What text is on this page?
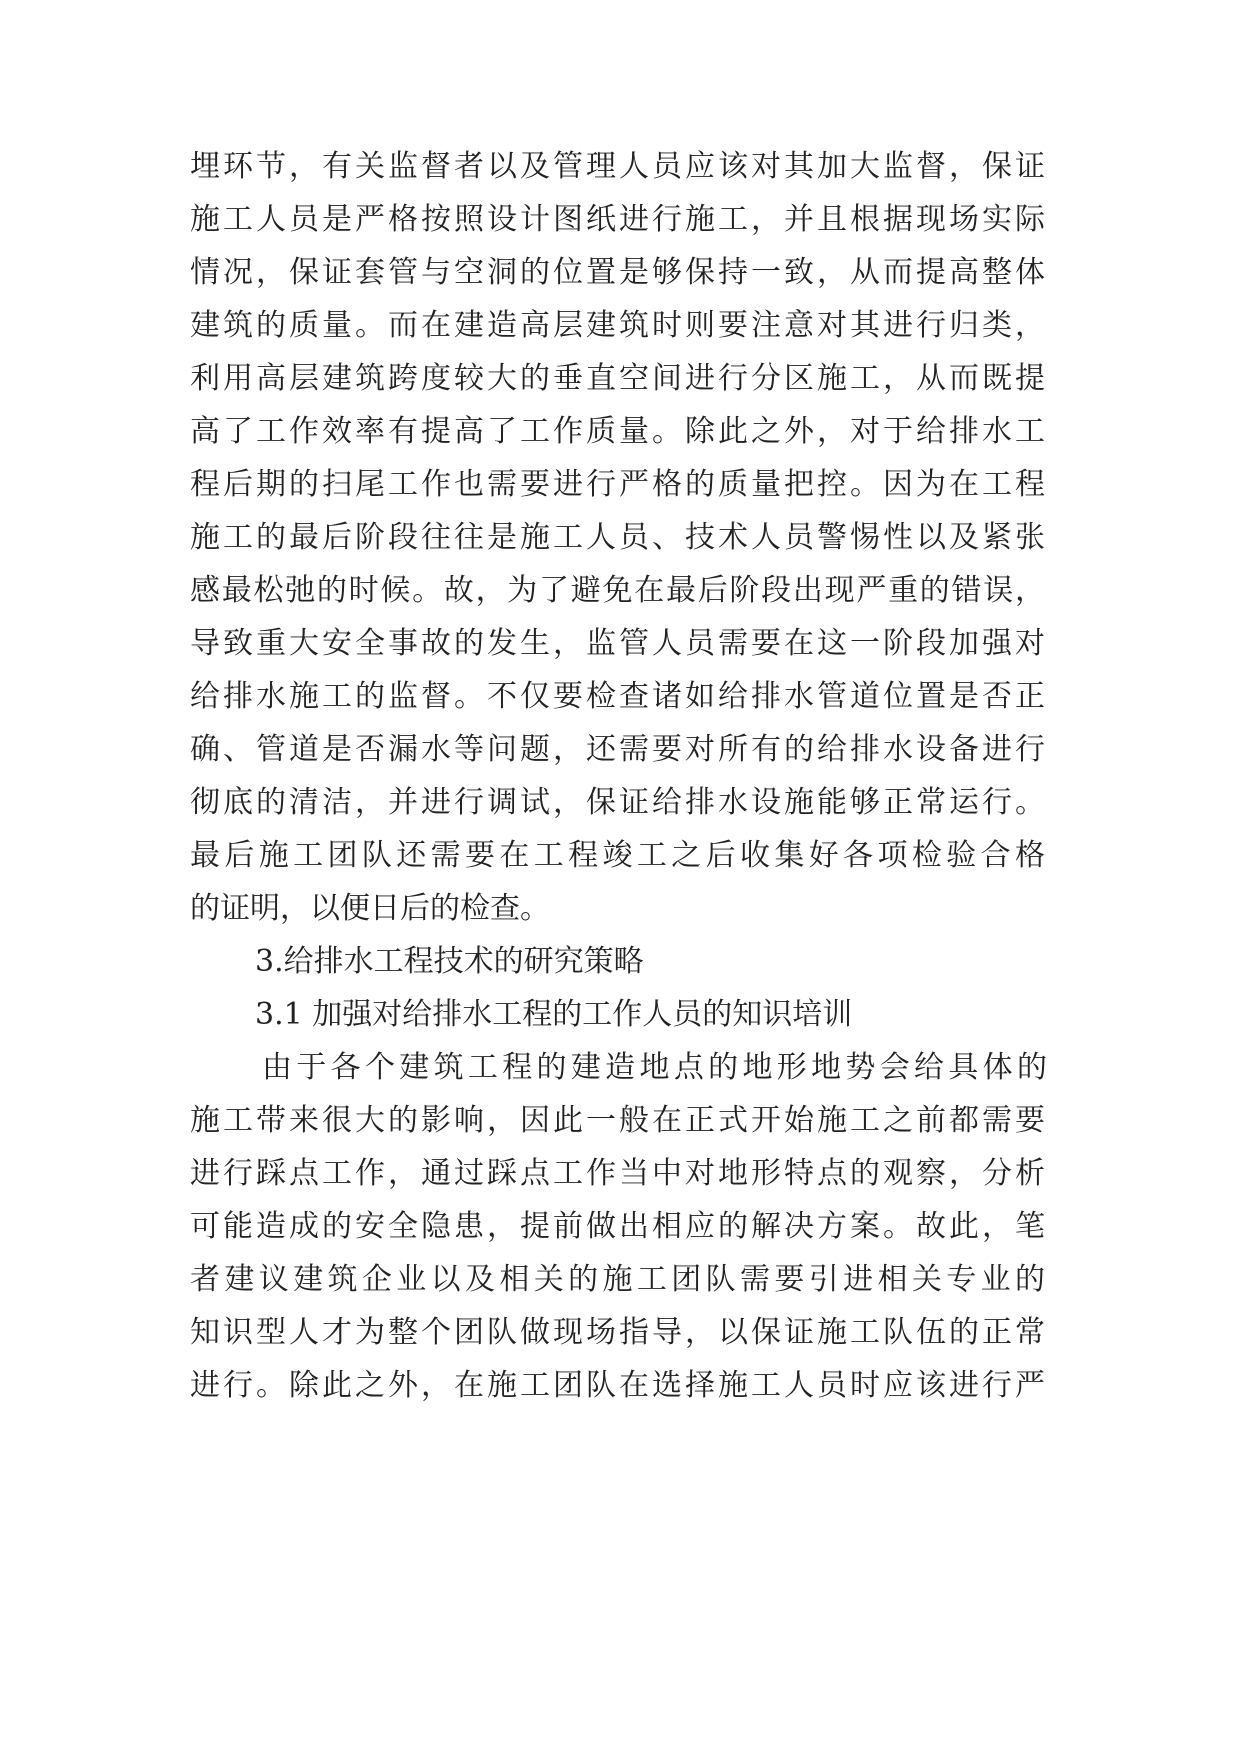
埋环节，有关监督者以及管理人员应该对其加大监督，保证

施工人员是严格按照设计图纸进行施工，并且根据现场实际

情况，保证套管与空洞的位置是够保持一致，从而提高整体

建筑的质量。而在建造高层建筑时则要注意对其进行归类，

利用高层建筑跨度较大的垂直空间进行分区施工，从而既提

高了工作效率有提高了工作质量。除此之外，对于给排水工

程后期的扫尾工作也需要进行严格的质量把控。因为在工程

施工的最后阶段往往是施工人员、技术人员警惕性以及紧张

感最松弛的时候。故，为了避免在最后阶段出现严重的错误，

导致重大安全事故的发生，监管人员需要在这一阶段加强对

给排水施工的监督。不仅要检查诸如给排水管道位置是否正

确、管道是否漏水等问题，还需要对所有的给排水设备进行

彻底的清洁，并进行调试，保证给排水设施能够正常运行。

最后施工团队还需要在工程竣工之后收集好各项检验合格

的证明，以便日后的检查。

3.给排水工程技术的研究策略
3.1 加强对给排水工程的工作人员的知识培训

由于各个建筑工程的建造地点的地形地势会给具体的

施工带来很大的影响，因此一般在正式开始施工之前都需要

进行踩点工作，通过踩点工作当中对地形特点的观察，分析

可能造成的安全隐患，提前做出相应的解决方案。故此，笔

者建议建筑企业以及相关的施工团队需要引进相关专业的

知识型人才为整个团队做现场指导，以保证施工队伍的正常

进行。除此之外，在施工团队在选择施工人员时应该进行严
